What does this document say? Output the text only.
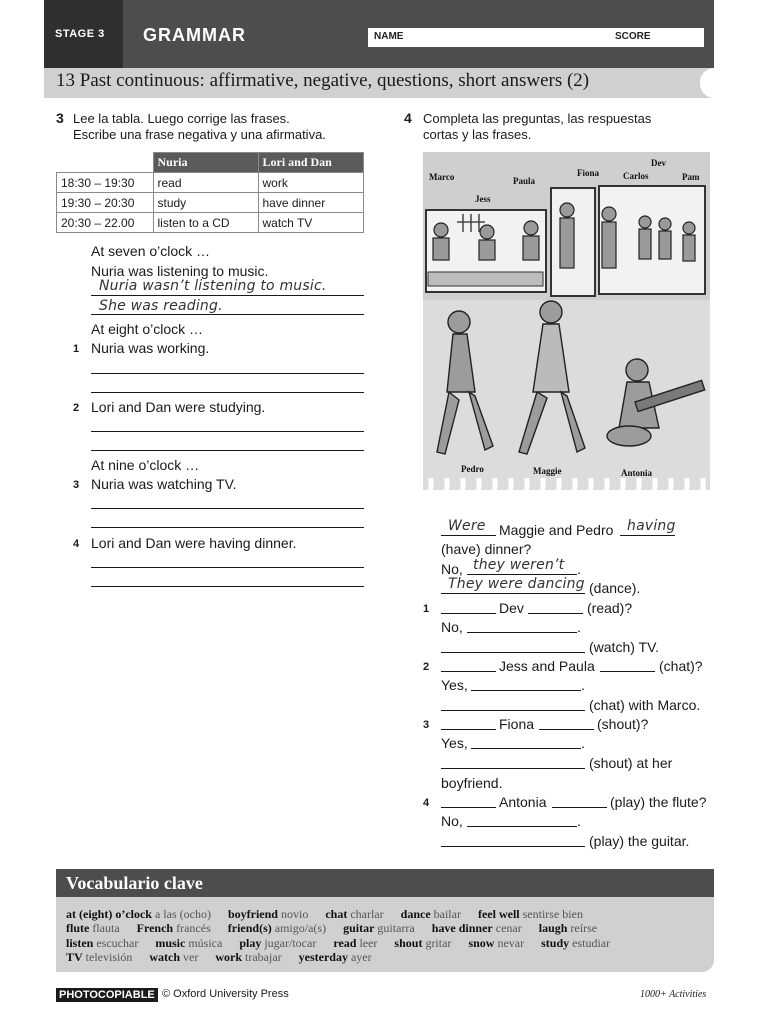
STAGE 3 GRAMMAR	NAME	SCORE
13 Past continuous: affirmative, negative, questions, short answers (2)
3 Lee la tabla. Luego corrige las frases.
Escribe una frase negativa y una afirmativa.
	Nuria	Lori and Dan
18:30 – 19:30	read	work
19:30 – 20:30	study	have dinner
20:30 – 22.00	listen to a CD	watch TV
At seven o’clock …
Nuria was listening to music.
Nuria wasn’t listening to music.
She was reading.
At eight o’clock …
1 Nuria was working.
2 Lori and Dan were studying.
At nine o’clock …
3 Nuria was watching TV.
4 Lori and Dan were having dinner.
4 Completa las preguntas, las respuestas
cortas y las frases.
Marco	Paula
Jess
Fiona
Dev
Carlos	Pam
Pedro	Maggie	Antonia
Were Maggie and Pedro having
(have) dinner?
No, they weren’t .
They were dancing (dance).
1	Dev	(read)?
No,	.
(watch) TV.
2	Jess and Paula	(chat)?
Yes,	.
(chat) with Marco.
3	Fiona	(shout)?
Yes,	.
(shout) at her
boyfriend.
4	Antonia	(play) the flute?
No,	.
(play) the guitar.
Vocabulario clave
at (eight) o’clock a las (ocho) boyfriend novio chat charlar dance bailar feel well sentirse bien
flute flauta French francés friend(s) amigo/a(s) guitar guitarra have dinner cenar laugh reírse
listen escuchar music música play jugar/tocar read leer shout gritar snow nevar study estudiar
TV televisión watch ver work trabajar yesterday ayer
PHOTOCOPIABLE © Oxford University Press	1000+ Activities
